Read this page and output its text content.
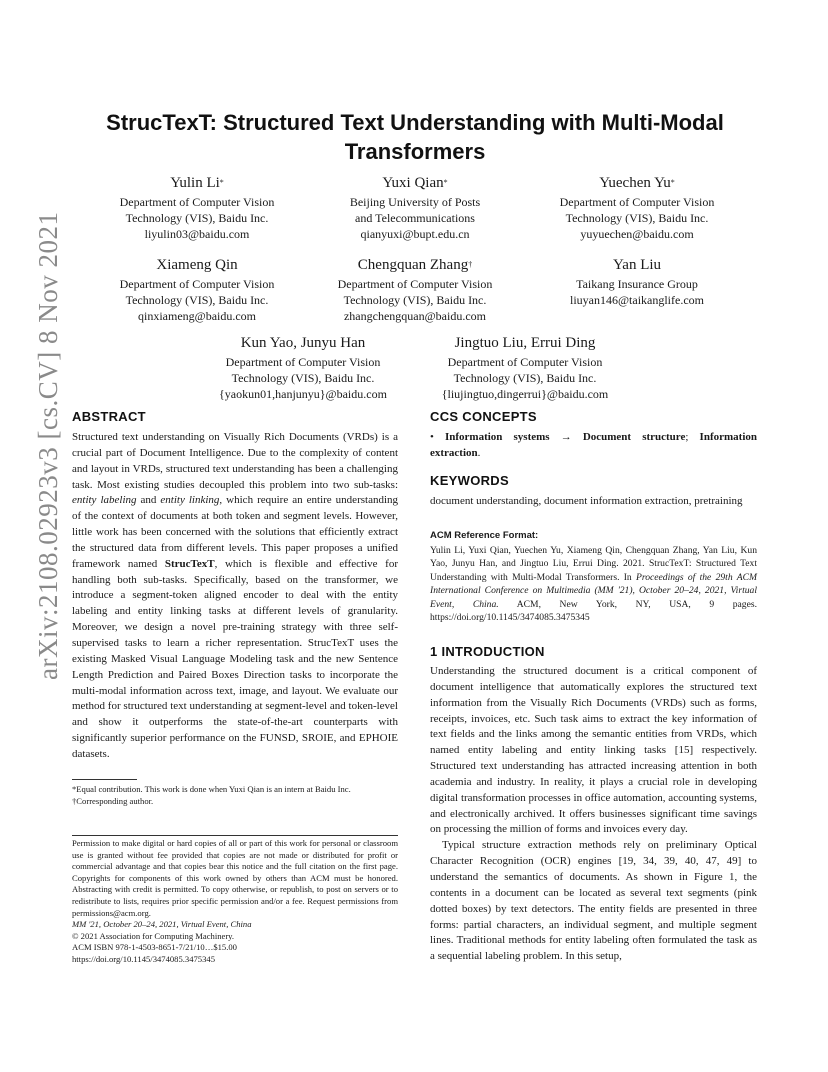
arXiv:2108.02923v3 [cs.CV] 8 Nov 2021
StrucTexT: Structured Text Understanding with Multi-Modal
Transformers
Yulin Li*
Department of Computer Vision
Technology (VIS), Baidu Inc.
liyulin03@baidu.com
Yuxi Qian*
Beijing University of Posts
and Telecommunications
qianyuxi@bupt.edu.cn
Yuechen Yu*
Department of Computer Vision
Technology (VIS), Baidu Inc.
yuyuechen@baidu.com
Xiameng Qin
Department of Computer Vision
Technology (VIS), Baidu Inc.
qinxiameng@baidu.com
Chengquan Zhang†
Department of Computer Vision
Technology (VIS), Baidu Inc.
zhangchengquan@baidu.com
Yan Liu
Taikang Insurance Group
liuyan146@taikanglife.com
Kun Yao, Junyu Han
Department of Computer Vision
Technology (VIS), Baidu Inc.
{yaokun01,hanjunyu}@baidu.com
Jingtuo Liu, Errui Ding
Department of Computer Vision
Technology (VIS), Baidu Inc.
{liujingtuo,dingerrui}@baidu.com
ABSTRACT
Structured text understanding on Visually Rich Documents (VRDs) is a crucial part of Document Intelligence. Due to the complexity of content and layout in VRDs, structured text understanding has been a challenging task. Most existing studies decoupled this problem into two sub-tasks: entity labeling and entity linking, which require an entire understanding of the context of documents at both token and segment levels. However, little work has been concerned with the solutions that efficiently extract the structured data from different levels. This paper proposes a unified framework named StrucTexT, which is flexible and effective for handling both sub-tasks. Specifically, based on the transformer, we introduce a segment-token aligned encoder to deal with the entity labeling and entity linking tasks at different levels of granularity. Moreover, we design a novel pre-training strategy with three self-supervised tasks to learn a richer representation. StrucTexT uses the existing Masked Visual Language Modeling task and the new Sentence Length Prediction and Paired Boxes Direction tasks to incorporate the multi-modal information across text, image, and layout. We evaluate our method for structured text understanding at segment-level and token-level and show it outperforms the state-of-the-art counterparts with significantly superior performance on the FUNSD, SROIE, and EPHOIE datasets.
*Equal contribution. This work is done when Yuxi Qian is an intern at Baidu Inc.
†Corresponding author.
Permission to make digital or hard copies of all or part of this work for personal or classroom use is granted without fee provided that copies are not made or distributed for profit or commercial advantage and that copies bear this notice and the full citation on the first page. Copyrights for components of this work owned by others than ACM must be honored. Abstracting with credit is permitted. To copy otherwise, or republish, to post on servers or to redistribute to lists, requires prior specific permission and/or a fee. Request permissions from permissions@acm.org.
MM '21, October 20–24, 2021, Virtual Event, China
© 2021 Association for Computing Machinery.
ACM ISBN 978-1-4503-8651-7/21/10…$15.00
https://doi.org/10.1145/3474085.3475345
CCS CONCEPTS
• Information systems → Document structure; Information extraction.
KEYWORDS
document understanding, document information extraction, pretraining
ACM Reference Format:
Yulin Li, Yuxi Qian, Yuechen Yu, Xiameng Qin, Chengquan Zhang, Yan Liu, Kun Yao, Junyu Han, and Jingtuo Liu, Errui Ding. 2021. StrucTexT: Structured Text Understanding with Multi-Modal Transformers. In Proceedings of the 29th ACM International Conference on Multimedia (MM '21), October 20–24, 2021, Virtual Event, China. ACM, New York, NY, USA, 9 pages. https://doi.org/10.1145/3474085.3475345
1 INTRODUCTION
Understanding the structured document is a critical component of document intelligence that automatically explores the structured text information from the Visually Rich Documents (VRDs) such as forms, receipts, invoices, etc. Such task aims to extract the key information of text fields and the links among the semantic entities from VRDs, which named entity labeling and entity linking tasks [15] respectively. Structured text understanding has attracted increasing attention in both academia and industry. In reality, it plays a crucial role in developing digital transformation processes in office automation, accounting systems, and electronically archived. It offers businesses significant time savings on processing the million of forms and invoices every day.
Typical structure extraction methods rely on preliminary Optical Character Recognition (OCR) engines [19, 34, 39, 40, 47, 49] to understand the semantics of documents. As shown in Figure 1, the contents in a document can be located as several text segments (pink dotted boxes) by text detectors. The entity fields are presented in three forms: partial characters, an individual segment, and multiple segment lines. Traditional methods for entity labeling often formulated the task as a sequential labeling problem. In this setup,
